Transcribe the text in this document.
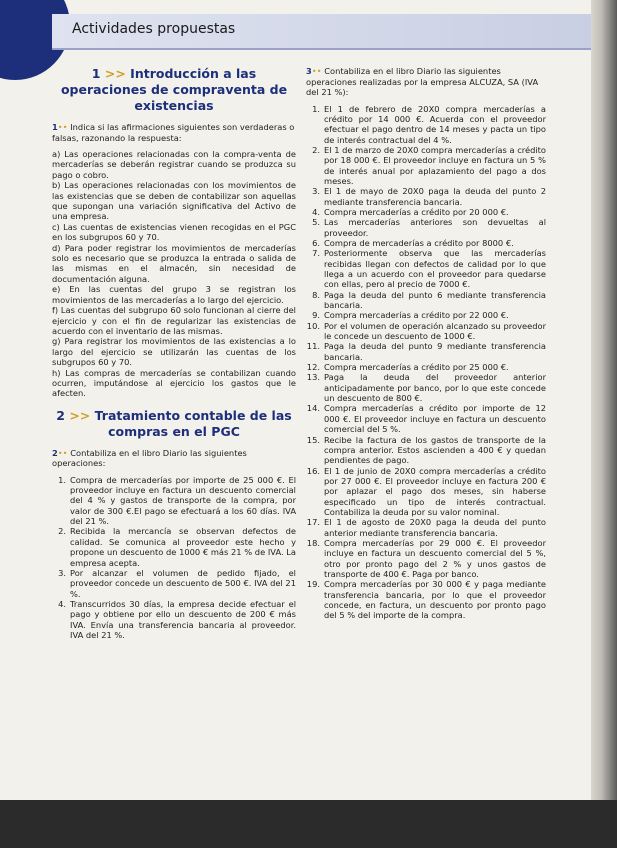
Actividades propuestas
1 >> Introducción a las operaciones de compraventa de existencias
1•• Indica si las afirmaciones siguientes son verdaderas o falsas, razonando la respuesta:

a) Las operaciones relacionadas con la compra-venta de mercaderías se deberán registrar cuando se produzca su pago o cobro.

b) Las operaciones relacionadas con los movimientos de las existencias que se deben de contabilizar son aquellas que supongan una variación significativa del Activo de una empresa.

c) Las cuentas de existencias vienen recogidas en el PGC en los subgrupos 60 y 70.

d) Para poder registrar los movimientos de mercaderías solo es necesario que se produzca la entrada o salida de las mismas en el almacén, sin necesidad de documentación alguna.

e) En las cuentas del grupo 3 se registran los movimientos de las mercaderías a lo largo del ejercicio.

f) Las cuentas del subgrupo 60 solo funcionan al cierre del ejercicio y con el fin de regularizar las existencias de acuerdo con el inventario de las mismas.

g) Para registrar los movimientos de las existencias a lo largo del ejercicio se utilizarán las cuentas de los subgrupos 60 y 70.

h) Las compras de mercaderías se contabilizan cuando ocurren, imputándose al ejercicio los gastos que le afecten.

2 >> Tratamiento contable de las compras en el PGC
2•• Contabiliza en el libro Diario las siguientes operaciones:
1. Compra de mercaderías por importe de 25 000 €. El proveedor incluye en factura un descuento comercial del 4 % y gastos de transporte de la compra, por valor de 300 €.El pago se efectuará a los 60 días. IVA del 21 %.
2. Recibida la mercancía se observan defectos de calidad. Se comunica al proveedor este hecho y propone un descuento de 1000 € más 21 % de IVA. La empresa acepta.
3. Por alcanzar el volumen de pedido fijado, el proveedor concede un descuento de 500 €. IVA del 21 %.
4. Transcurridos 30 días, la empresa decide efectuar el pago y obtiene por ello un descuento de 200 € más IVA. Envía una transferencia bancaria al proveedor. IVA del 21 %.
3•• Contabiliza en el libro Diario las siguientes operaciones realizadas por la empresa ALCUZA, SA (IVA del 21 %):
1. El 1 de febrero de 20X0 compra mercaderías a crédito por 14 000 €. Acuerda con el proveedor efectuar el pago dentro de 14 meses y pacta un tipo de interés contractual del 4 %.
2. El 1 de marzo de 20X0 compra mercaderías a crédito por 18 000 €. El proveedor incluye en factura un 5 % de interés anual por aplazamiento del pago a dos meses.
3. El 1 de mayo de 20X0 paga la deuda del punto 2 mediante transferencia bancaria.
4. Compra mercaderías a crédito por 20 000 €.
5. Las mercaderías anteriores son devueltas al proveedor.
6. Compra de mercaderías a crédito por 8000 €.
7. Posteriormente observa que las mercaderías recibidas llegan con defectos de calidad por lo que llega a un acuerdo con el proveedor para quedarse con ellas, pero al precio de 7000 €.
8. Paga la deuda del punto 6 mediante transferencia bancaria.
9. Compra mercaderías a crédito por 22 000 €.
10. Por el volumen de operación alcanzado su proveedor le concede un descuento de 1000 €.
11. Paga la deuda del punto 9 mediante transferencia bancaria.
12. Compra mercaderías a crédito por 25 000 €.
13. Paga la deuda del proveedor anterior anticipadamente por banco, por lo que este concede un descuento de 800 €.
14. Compra mercaderías a crédito por importe de 12 000 €. El proveedor incluye en factura un descuento comercial del 5 %.
15. Recibe la factura de los gastos de transporte de la compra anterior. Estos ascienden a 400 € y quedan pendientes de pago.
16. El 1 de junio de 20X0 compra mercaderías a crédito por 27 000 €. El proveedor incluye en factura 200 € por aplazar el pago dos meses, sin haberse especificado un tipo de interés contractual. Contabiliza la deuda por su valor nominal.
17. El 1 de agosto de 20X0 paga la deuda del punto anterior mediante transferencia bancaria.
18. Compra mercaderías por 29 000 €. El proveedor incluye en factura un descuento comercial del 5 %, otro por pronto pago del 2 % y unos gastos de transporte de 400 €. Paga por banco.
19. Compra mercaderías por 30 000 € y paga mediante transferencia bancaria, por lo que el proveedor concede, en factura, un descuento por pronto pago del 5 % del importe de la compra.
